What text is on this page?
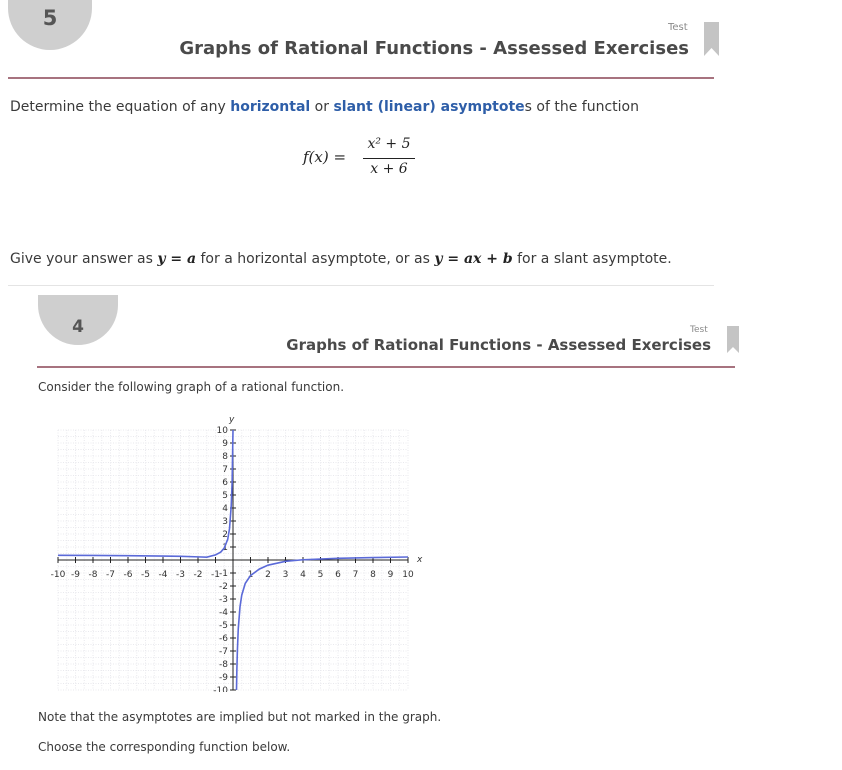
5	Test
Graphs of Rational Functions - Assessed Exercises
Determine the equation of any horizontal or slant (linear) asymptotes of the function
f(x) =
x² + 5
x + 6
Give your answer as y = a for a horizontal asymptote, or as y = ax + b for a slant asymptote.
4	Test
Graphs of Rational Functions - Assessed Exercises
Consider the following graph of a rational function.
x
y
-10 -9 -8 -7 -6 -5 -4 -3 -2 -1	1 2 3 4 5 6 7 8 9 10
-10
-9
-8
-7
-6
-5
-4
-3
-2
1
2
3
4
5
6
7
8
9
10
-1
Note that the asymptotes are implied but not marked in the graph.
Choose the corresponding function below.
